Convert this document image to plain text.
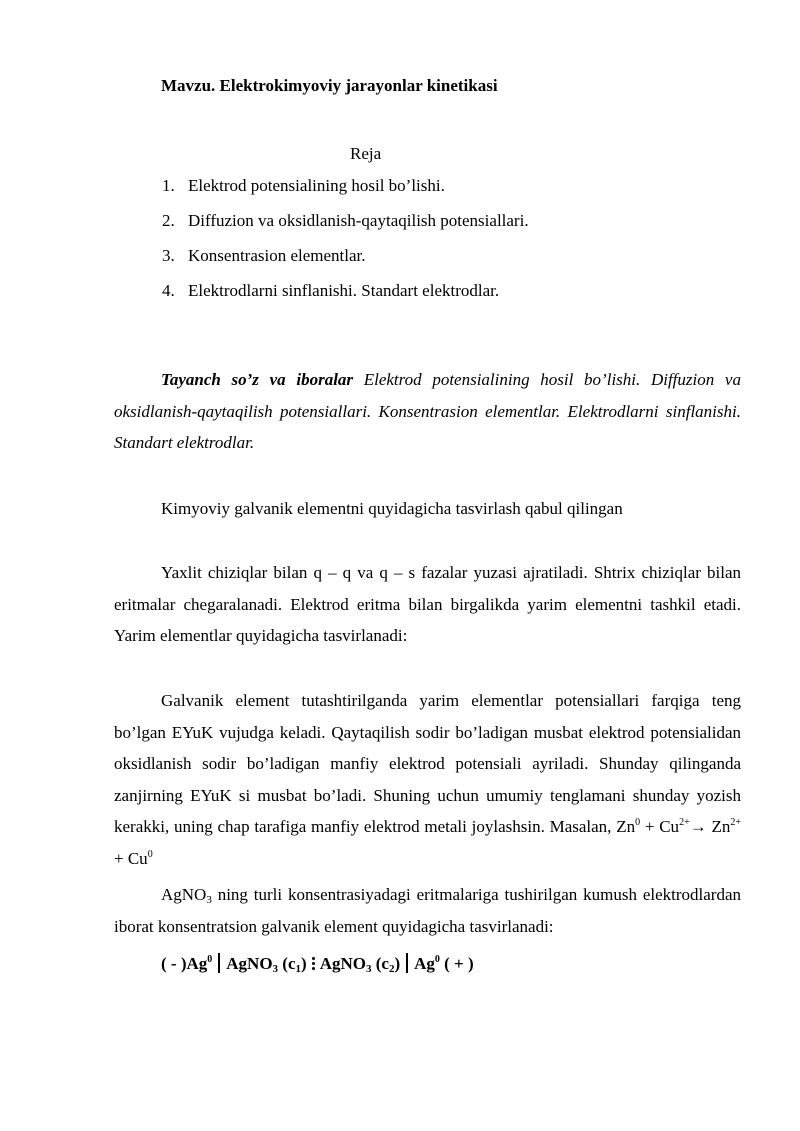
Mavzu. Elektrokimyoviy jarayonlar kinetikasi
Reja
1. Elektrod potensialining hosil bo’lishi.
2. Diffuzion va oksidlanish-qaytaqilish potensiallari.
3. Konsentrasion elementlar.
4. Elektrodlarni sinflanishi. Standart elektrodlar.

Tayanch so’z va iboralar Elektrod potensialining hosil bo’lishi. Diffuzion va oksidlanish-qaytaqilish potensiallari. Konsentrasion elementlar. Elektrodlarni sinflanishi. Standart elektrodlar.

Kimyoviy galvanik elementni quyidagicha tasvirlash qabul qilingan

Yaxlit chiziqlar bilan q – q va q – s fazalar yuzasi ajratiladi. Shtrix chiziqlar bilan eritmalar chegaralanadi. Elektrod eritma bilan birgalikda yarim elementni tashkil etadi. Yarim elementlar quyidagicha tasvirlanadi:

Galvanik element tutashtirilganda yarim elementlar potensiallari farqiga teng bo’lgan EYuK vujudga keladi. Qaytaqilish sodir bo’ladigan musbat elektrod potensialidan oksidlanish sodir bo’ladigan manfiy elektrod potensiali ayriladi. Shunday qilinganda zanjirning EYuK si musbat bo’ladi. Shuning uchun umumiy tenglamani shunday yozish kerakki, uning chap tarafiga manfiy elektrod metali joylashsin. Masalan, $Zn^0 + Cu^{2+}\to Zn^{2+} + Cu^0$

AgNO$_3$ ning turli konsentrasiyadagi eritmalariga tushirilgan kumush elektrodlardan iborat konsentratsion galvanik element quyidagicha tasvirlanadi:

( - )Ag$^0$ AgNO$_3$ $(c_1)$ AgNO$_3$ $(c_2)$ Ag$^0$ ( + )
